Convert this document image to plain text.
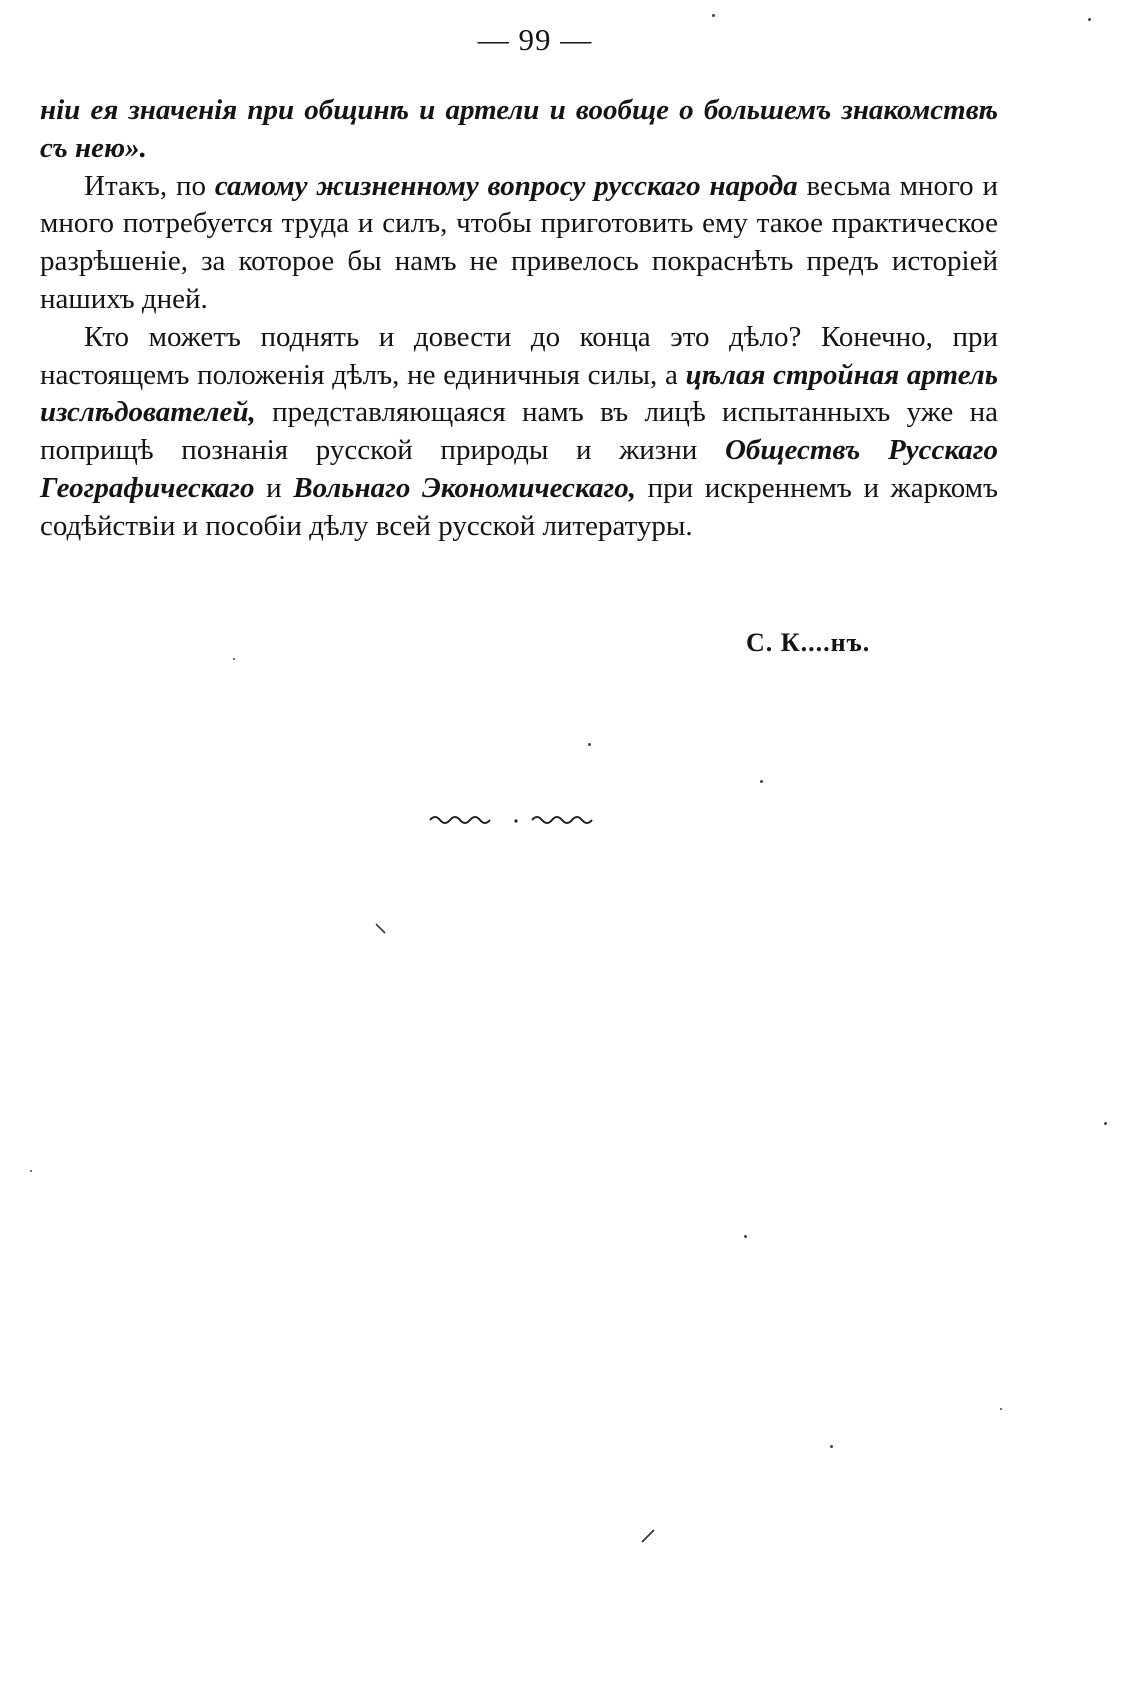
— 99 —

ніи ея значенія при общинѣ и артели и вообще о большемъ знакомствѣ съ нею».

Итакъ, по самому жизненному вопросу русскаго народа весьма много и много потребуется труда и силъ, чтобы приготовить ему такое практическое разрѣшеніе, за которое бы намъ не привелось покраснѣть предъ исторіей нашихъ дней.

Кто можетъ поднять и довести до конца это дѣло? Конечно, при настоящемъ положенія дѣлъ, не единичныя силы, а цѣлая стройная артель изслѣдователей, представляющаяся намъ въ лицѣ испытанныхъ уже на поприщѣ познанія русской природы и жизни Обществъ Русскаго Географическаго и Вольнаго Экономическаго, при искреннемъ и жаркомъ содѣйствіи и пособіи дѣлу всей русской литературы.

С. К....нъ.
